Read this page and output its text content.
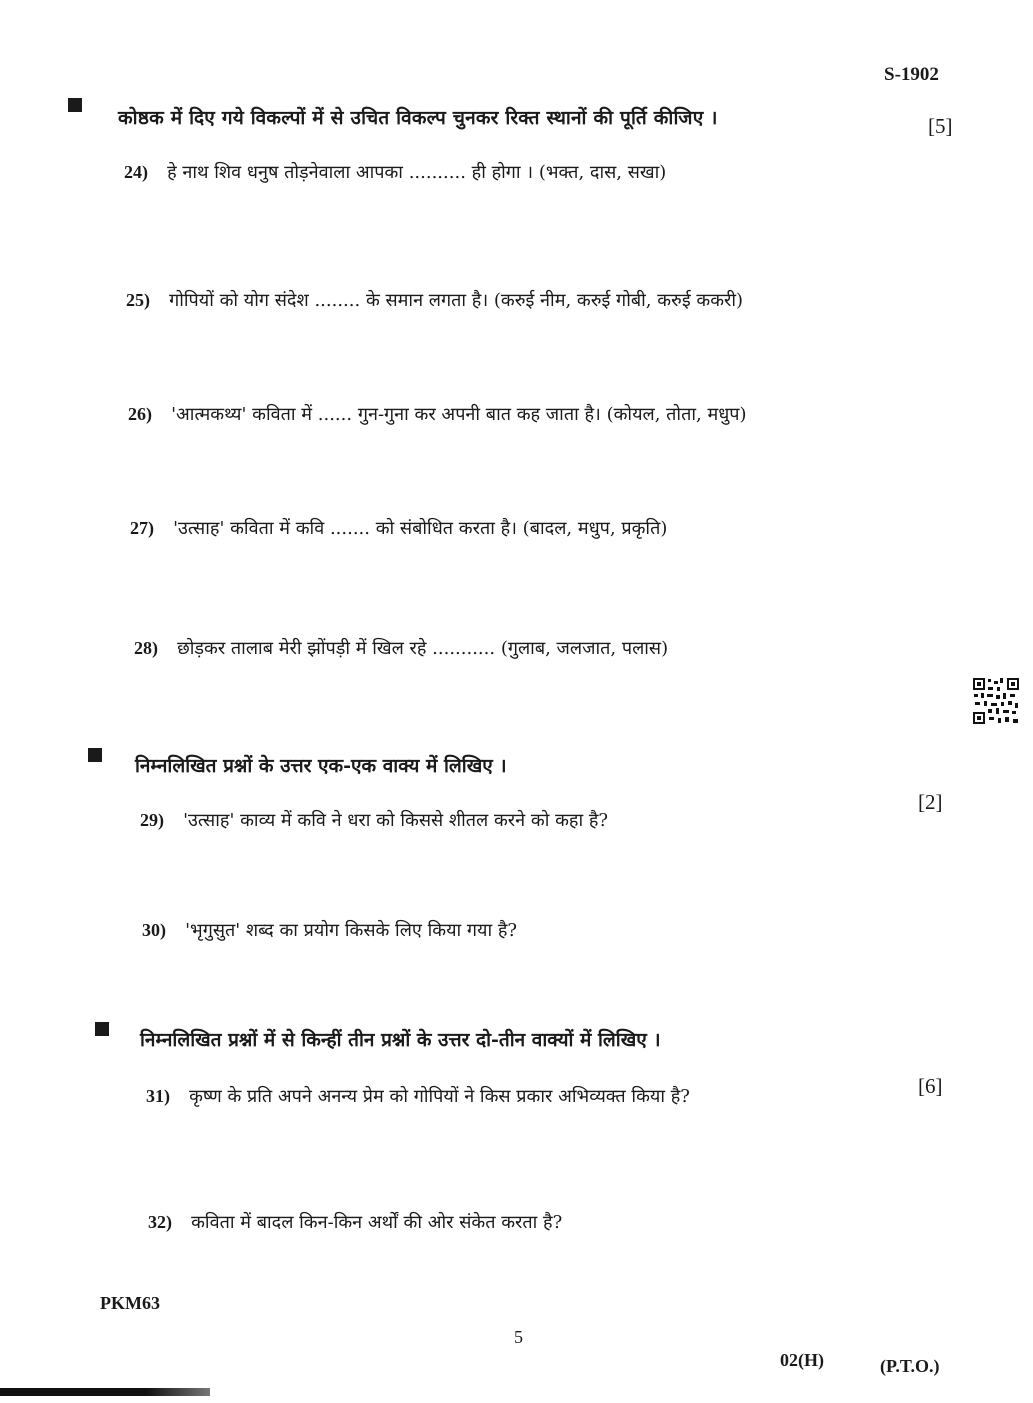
S-1902
कोष्ठक में दिए गये विकल्पों में से उचित विकल्प चुनकर रिक्त स्थानों की पूर्ति कीजिए ।	[5]
24) हे नाथ शिव धनुष तोड़नेवाला आपका .......... ही होगा । (भक्त, दास, सखा)
25) गोपियों को योग संदेश ........ के समान लगता है। (करुई नीम, करुई गोबी, करुई ककरी)
26) 'आत्मकथ्य' कविता में ...... गुन-गुना कर अपनी बात कह जाता है। (कोयल, तोता, मधुप)
27) 'उत्साह' कविता में कवि ....... को संबोधित करता है। (बादल, मधुप, प्रकृति)
28) छोड़कर तालाब मेरी झोंपड़ी में खिल रहे ........... (गुलाब, जलजात, पलास)
निम्नलिखित प्रश्नों के उत्तर एक-एक वाक्य में लिखिए ।
[2]
29) 'उत्साह' काव्य में कवि ने धरा को किससे शीतल करने को कहा है?
30) 'भृगुसुत' शब्द का प्रयोग किसके लिए किया गया है?
निम्नलिखित प्रश्नों में से किन्हीं तीन प्रश्नों के उत्तर दो-तीन वाक्यों में लिखिए ।
[6]
31) कृष्ण के प्रति अपने अनन्य प्रेम को गोपियों ने किस प्रकार अभिव्यक्त किया है?
32) कविता में बादल किन-किन अर्थों की ओर संकेत करता है?
PKM63
5
02(H)	(P.T.O.)
